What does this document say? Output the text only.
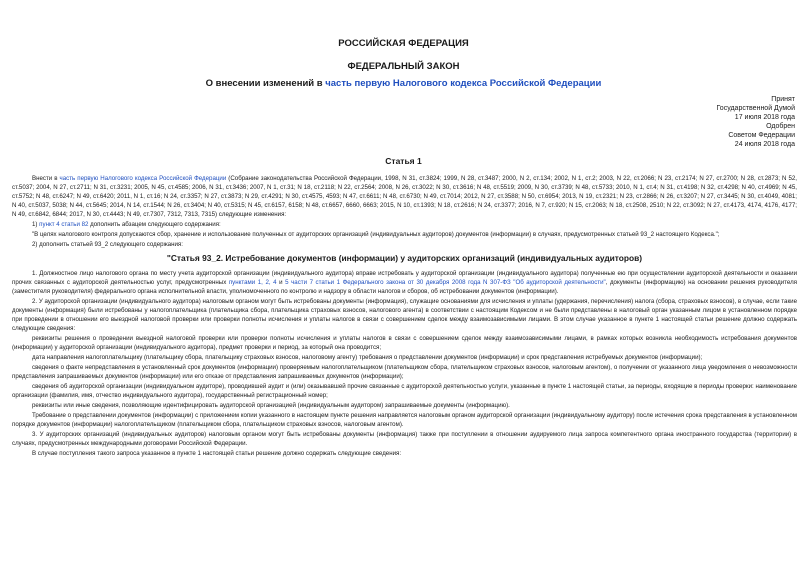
РОССИЙСКАЯ ФЕДЕРАЦИЯ
ФЕДЕРАЛЬНЫЙ ЗАКОН
О внесении изменений в часть первую Налогового кодекса Российской Федерации
Принят
Государственной Думой
17 июля 2018 года
Одобрен
Советом Федерации
24 июля 2018 года
Статья 1

Внести в часть первую Налогового кодекса Российской Федерации (Собрание законодательства Российской Федерации, 1998, N 31, ст.3824; 1999, N 28, ст.3487; 2000, N 2, ст.134; 2002, N 1, ст.2; 2003, N 22, ст.2066; N 23, ст.2174; N 27, ст.2700; N 28, ст.2873; N 52, ст.5037; 2004, N 27, ст.2711; N 31, ст.3231; 2005, N 45, ст.4585; 2006, N 31, ст.3436; 2007, N 1, ст.31; N 18, ст.2118; N 22, ст.2564; 2008, N 26, ст.3022; N 30, ст.3616; N 48, ст.5519; 2009, N 30, ст.3739; N 48, ст.5733; 2010, N 1, ст.4; N 31, ст.4198; N 32, ст.4298; N 40, ст.4969; N 45, ст.5752; N 48, ст.6247; N 49, ст.6420; 2011, N 1, ст.16; N 24, ст.3357; N 27, ст.3873; N 29, ст.4291; N 30, ст.4575, 4593; N 47, ст.6611; N 48, ст.6730; N 49, ст.7014; 2012, N 27, ст.3588; N 50, ст.6954; 2013, N 19, ст.2321; N 23, ст.2866; N 26, ст.3207; N 27, ст.3445; N 30, ст.4049, 4081; N 40, ст.5037, 5038; N 44, ст.5645; 2014, N 14, ст.1544; N 26, ст.3404; N 40, ст.5315; N 45, ст.6157, 6158; N 48, ст.6657, 6660, 6663; 2015, N 10, ст.1393; N 18, ст.2616; N 24, ст.3377; 2016, N 7, ст.920; N 15, ст.2063; N 18, ст.2508, 2510; N 22, ст.3092; N 27, ст.4173, 4174, 4176, 4177; N 49, ст.6842, 6844; 2017, N 30, ст.4443; N 49, ст.7307, 7312, 7313, 7315) следующие изменения:

1) пункт 4 статьи 82 дополнить абзацем следующего содержания:

"В целях налогового контроля допускаются сбор, хранение и использование полученных от аудиторских организаций (индивидуальных аудиторов) документов (информации) в случаях, предусмотренных статьей 93_2 настоящего Кодекса.";

2) дополнить статьей 93_2 следующего содержания:

"Статья 93_2. Истребование документов (информации) у аудиторских организаций (индивидуальных аудиторов)

1. Должностное лицо налогового органа по месту учета аудиторской организации (индивидуального аудитора) вправе истребовать у аудиторской организации (индивидуального аудитора) полученные ею при осуществлении аудиторской деятельности и оказании прочих связанных с аудиторской деятельностью услуг, предусмотренных пунктами 1, 2, 4 и 5 части 7 статьи 1 Федерального закона от 30 декабря 2008 года N 307-ФЗ "Об аудиторской деятельности", документы (информацию) на основании решения руководителя (заместителя руководителя) федерального органа исполнительной власти, уполномоченного по контролю и надзору в области налогов и сборов, об истребовании документов (информации).

2. У аудиторской организации (индивидуального аудитора) налоговым органом могут быть истребованы документы (информация), служащие основаниями для исчисления и уплаты (удержания, перечисления) налога (сбора, страховых взносов), в случае, если такие документы (информация) были истребованы у налогоплательщика (плательщика сбора, плательщика страховых взносов, налогового агента) в соответствии с настоящим Кодексом и не были представлены в налоговый орган указанным лицом в установленном порядке при проведении в отношении его выездной налоговой проверки или проверки полноты исчисления и уплаты налогов в связи с совершением сделок между взаимозависимыми лицами. В этом случае указанное в пункте 1 настоящей статьи решение должно содержать следующие сведения:

реквизиты решения о проведении выездной налоговой проверки или проверки полноты исчисления и уплаты налогов в связи с совершением сделок между взаимозависимыми лицами, в рамках которых возникла необходимость истребования документов (информации) у аудиторской организации (индивидуального аудитора), предмет проверки и период, за который она проводится;

дата направления налогоплательщику (плательщику сбора, плательщику страховых взносов, налоговому агенту) требования о представлении документов (информации) и срок представления истребуемых документов (информации);

сведения о факте непредставления в установленный срок документов (информации) проверяемым налогоплательщиком (плательщиком сбора, плательщиком страховых взносов, налоговым агентом), о получении от указанного лица уведомления о невозможности представления запрашиваемых документов (информации) или его отказе от представления запрашиваемых документов (информации);

сведения об аудиторской организации (индивидуальном аудиторе), проводившей аудит и (или) оказывавшей прочие связанные с аудиторской деятельностью услуги, указанные в пункте 1 настоящей статьи, за периоды, входящие в периоды проверки: наименование организации (фамилия, имя, отчество индивидуального аудитора), государственный регистрационный номер;

реквизиты или иные сведения, позволяющие идентифицировать аудиторской организацией (индивидуальным аудитором) запрашиваемые документы (информацию).

Требование о представлении документов (информации) с приложением копии указанного в настоящем пункте решения направляется налоговым органом аудиторской организации (индивидуальному аудитору) после истечения срока представления в установленном порядке документов (информации) налогоплательщиком (плательщиком сбора, плательщиком страховых взносов, налоговым агентом).

3. У аудиторских организаций (индивидуальных аудиторов) налоговым органом могут быть истребованы документы (информация) также при поступлении в отношении аудируемого лица запроса компетентного органа иностранного государства (территории) в случаях, предусмотренных международными договорами Российской Федерации.

В случае поступления такого запроса указанное в пункте 1 настоящей статьи решение должно содержать следующие сведения:
